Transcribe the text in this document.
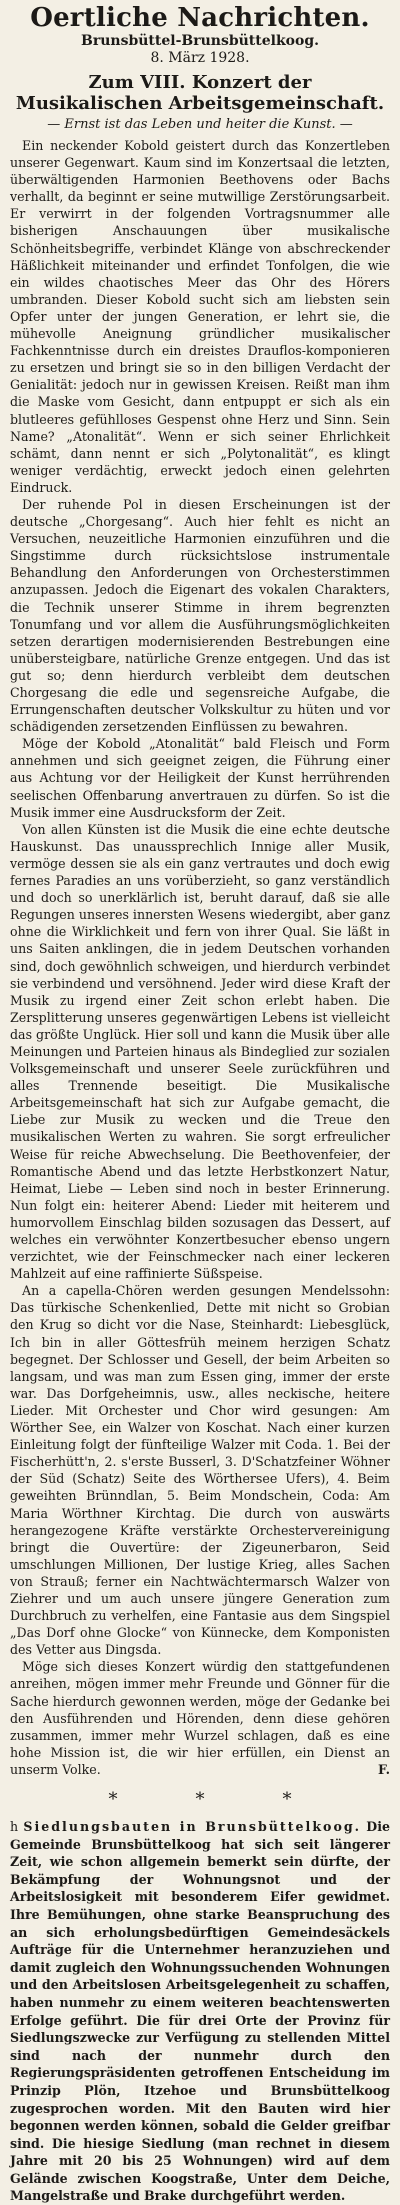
Oertliche Nachrichten.
Brunsbüttel-Brunsbüttelkoog.
8. März 1928.
Zum VIII. Konzert der
Musikalischen Arbeitsgemeinschaft.
— Ernst ist das Leben und heiter die Kunst. —

Ein neckender Kobold geistert durch das Konzertleben unserer Gegenwart. Kaum sind im Konzertsaal die letzten, überwältigenden Harmonien Beethovens oder Bachs verhallt, da beginnt er seine mutwillige Zerstörungsarbeit. Er verwirrt in der folgenden Vortragsnummer alle bisherigen Anschauungen über musikalische Schönheitsbegriffe, verbindet Klänge von abschreckender Häßlichkeit miteinander und erfindet Tonfolgen, die wie ein wildes chaotisches Meer das Ohr des Hörers umbranden. Dieser Kobold sucht sich am liebsten sein Opfer unter der jungen Generation, er lehrt sie, die mühevolle Aneignung gründlicher musikalischer Fachkenntnisse durch ein dreistes Drauflos-komponieren zu ersetzen und bringt sie so in den billigen Verdacht der Genialität: jedoch nur in gewissen Kreisen. Reißt man ihm die Maske vom Gesicht, dann entpuppt er sich als ein blutleeres gefühlloses Gespenst ohne Herz und Sinn. Sein Name? „Atonalität“. Wenn er sich seiner Ehrlichkeit schämt, dann nennt er sich „Polytonalität“, es klingt weniger verdächtig, erweckt jedoch einen gelehrten Eindruck.

Der ruhende Pol in diesen Erscheinungen ist der deutsche „Chorgesang“. Auch hier fehlt es nicht an Versuchen, neuzeitliche Harmonien einzuführen und die Singstimme durch rücksichtslose instrumentale Behandlung den Anforderungen von Orchesterstimmen anzupassen. Jedoch die Eigenart des vokalen Charakters, die Technik unserer Stimme in ihrem begrenzten Tonumfang und vor allem die Ausführungsmöglichkeiten setzen derartigen modernisierenden Bestrebungen eine unübersteigbare, natürliche Grenze entgegen. Und das ist gut so; denn hierdurch verbleibt dem deutschen Chorgesang die edle und segensreiche Aufgabe, die Errungenschaften deutscher Volkskultur zu hüten und vor schädigenden zersetzenden Einflüssen zu bewahren.

Möge der Kobold „Atonalität“ bald Fleisch und Form annehmen und sich geeignet zeigen, die Führung einer aus Achtung vor der Heiligkeit der Kunst herrührenden seelischen Offenbarung anvertrauen zu dürfen. So ist die Musik immer eine Ausdrucksform der Zeit.

Von allen Künsten ist die Musik die eine echte deutsche Hauskunst. Das unaussprechlich Innige aller Musik, vermöge dessen sie als ein ganz vertrautes und doch ewig fernes Paradies an uns vorüberzieht, so ganz verständlich und doch so unerklärlich ist, beruht darauf, daß sie alle Regungen unseres innersten Wesens wiedergibt, aber ganz ohne die Wirklichkeit und fern von ihrer Qual. Sie läßt in uns Saiten anklingen, die in jedem Deutschen vorhanden sind, doch gewöhnlich schweigen, und hierdurch verbindet sie verbindend und versöhnend. Jeder wird diese Kraft der Musik zu irgend einer Zeit schon erlebt haben. Die Zersplitterung unseres gegenwärtigen Lebens ist vielleicht das größte Unglück. Hier soll und kann die Musik über alle Meinungen und Parteien hinaus als Bindeglied zur sozialen Volksgemeinschaft und unserer Seele zurückführen und alles Trennende beseitigt. Die Musikalische Arbeitsgemeinschaft hat sich zur Aufgabe gemacht, die Liebe zur Musik zu wecken und die Treue den musikalischen Werten zu wahren. Sie sorgt erfreulicher Weise für reiche Abwechselung. Die Beethovenfeier, der Romantische Abend und das letzte Herbstkonzert Natur, Heimat, Liebe — Leben sind noch in bester Erinnerung. Nun folgt ein: heiterer Abend: Lieder mit heiterem und humorvollem Einschlag bilden sozusagen das Dessert, auf welches ein verwöhnter Konzertbesucher ebenso ungern verzichtet, wie der Feinschmecker nach einer leckeren Mahlzeit auf eine raffinierte Süßspeise.

An a capella-Chören werden gesungen Mendelssohn: Das türkische Schenkenlied, Dette mit nicht so Grobian den Krug so dicht vor die Nase, Steinhardt: Liebesglück, Ich bin in aller Göttesfrüh meinem herzigen Schatz begegnet. Der Schlosser und Gesell, der beim Arbeiten so langsam, und was man zum Essen ging, immer der erste war. Das Dorfgeheimnis, usw., alles neckische, heitere Lieder. Mit Orchester und Chor wird gesungen: Am Wörther See, ein Walzer von Koschat. Nach einer kurzen Einleitung folgt der fünfteilige Walzer mit Coda. 1. Bei der Fischerhütt'n, 2. s'erste Busserl, 3. D'Schatzfeiner Wöhner der Süd (Schatz) Seite des Wörthersee Ufers), 4. Beim geweihten Brünndlan, 5. Beim Mondschein, Coda: Am Maria Wörthner Kirchtag. Die durch von auswärts herangezogene Kräfte verstärkte Orchestervereinigung bringt die Ouvertüre: der Zigeunerbaron, Seid umschlungen Millionen, Der lustige Krieg, alles Sachen von Strauß; ferner ein Nachtwächtermarsch Walzer von Ziehrer und um auch unsere jüngere Generation zum Durchbruch zu verhelfen, eine Fantasie aus dem Singspiel „Das Dorf ohne Glocke“ von Künnecke, dem Komponisten des Vetter aus Dingsda.

Möge sich dieses Konzert würdig den stattgefundenen anreihen, mögen immer mehr Freunde und Gönner für die Sache hierdurch gewonnen werden, möge der Gedanke bei den Ausführenden und Hörenden, denn diese gehören zusammen, immer mehr Wurzel schlagen, daß es eine hohe Mission ist, die wir hier erfüllen, ein Dienst an unserm Volke.	F.
*	*	*

h Siedlungsbauten in Brunsbüttelkoog. Die Gemeinde Brunsbüttelkoog hat sich seit längerer Zeit, wie schon allgemein bemerkt sein dürfte, der Bekämpfung der Wohnungsnot und der Arbeitslosigkeit mit besonderem Eifer gewidmet. Ihre Bemühungen, ohne starke Beanspruchung des an sich erholungsbedürftigen Gemeindesäckels Aufträge für die Unternehmer heranzuziehen und damit zugleich den Wohnungssuchenden Wohnungen und den Arbeitslosen Arbeitsgelegenheit zu schaffen, haben nunmehr zu einem weiteren beachtenswerten Erfolge geführt. Die für drei Orte der Provinz für Siedlungszwecke zur Verfügung zu stellenden Mittel sind nach der nunmehr durch den Regierungspräsidenten getroffenen Entscheidung im Prinzip Plön, Itzehoe und Brunsbüttelkoog zugesprochen worden. Mit den Bauten wird hier begonnen werden können, sobald die Gelder greifbar sind. Die hiesige Siedlung (man rechnet in diesem Jahre mit 20 bis 25 Wohnungen) wird auf dem Gelände zwischen Koogstraße, Unter dem Deiche, Mangelstraße und Brake durchgeführt werden.
